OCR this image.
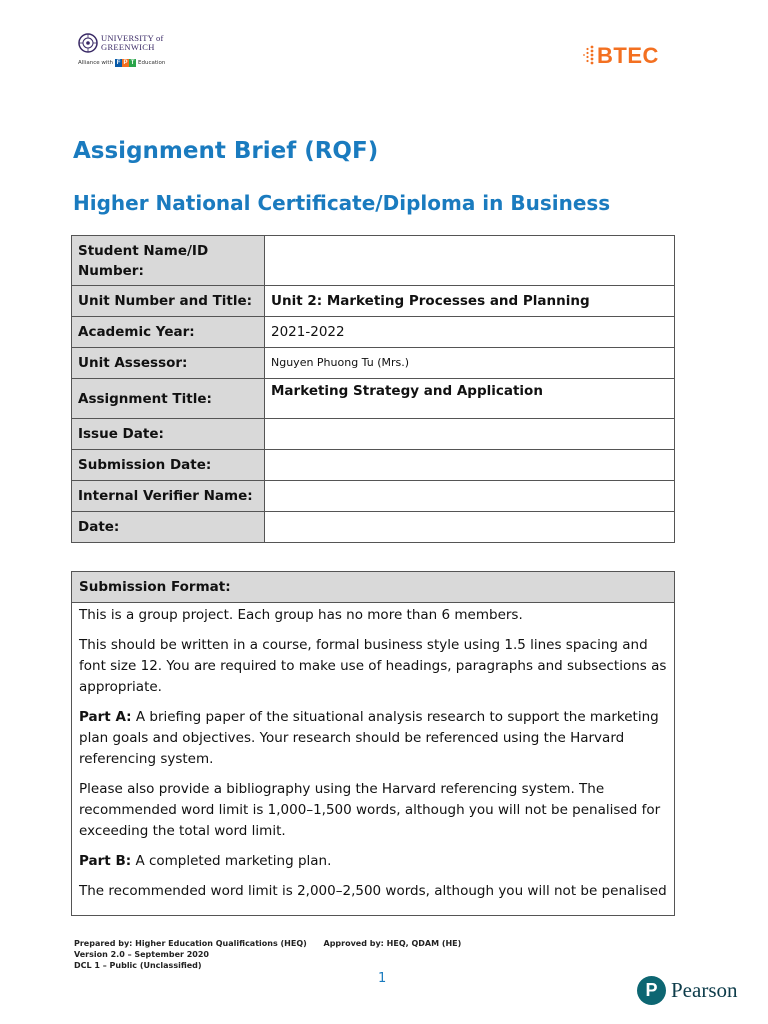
UNIVERSITY of
GREENWICH
Alliance with F P T Education	BTEC
Assignment Brief (RQF)
Higher National Certificate/Diploma in Business
Student Name/ID Number:	
Unit Number and Title:	Unit 2: Marketing Processes and Planning
Academic Year:	2021-2022
Unit Assessor:	Nguyen Phuong Tu (Mrs.)
Assignment Title:	Marketing Strategy and Application
Issue Date:	
Submission Date:	
Internal Verifier Name:	
Date:	
Submission Format:

This is a group project. Each group has no more than 6 members.

This should be written in a course, formal business style using 1.5 lines spacing and font size 12. You are required to make use of headings, paragraphs and subsections as appropriate.

Part A: A briefing paper of the situational analysis research to support the marketing plan goals and objectives. Your research should be referenced using the Harvard referencing system.

Please also provide a bibliography using the Harvard referencing system. The recommended word limit is 1,000–1,500 words, although you will not be penalised for exceeding the total word limit.

Part B: A completed marketing plan.

The recommended word limit is 2,000–2,500 words, although you will not be penalised

Prepared by: Higher Education Qualifications (HEQ) Approved by: HEQ, QDAM (HE)
Version 2.0 – September 2020
DCL 1 – Public (Unclassified)
1
P Pearson
